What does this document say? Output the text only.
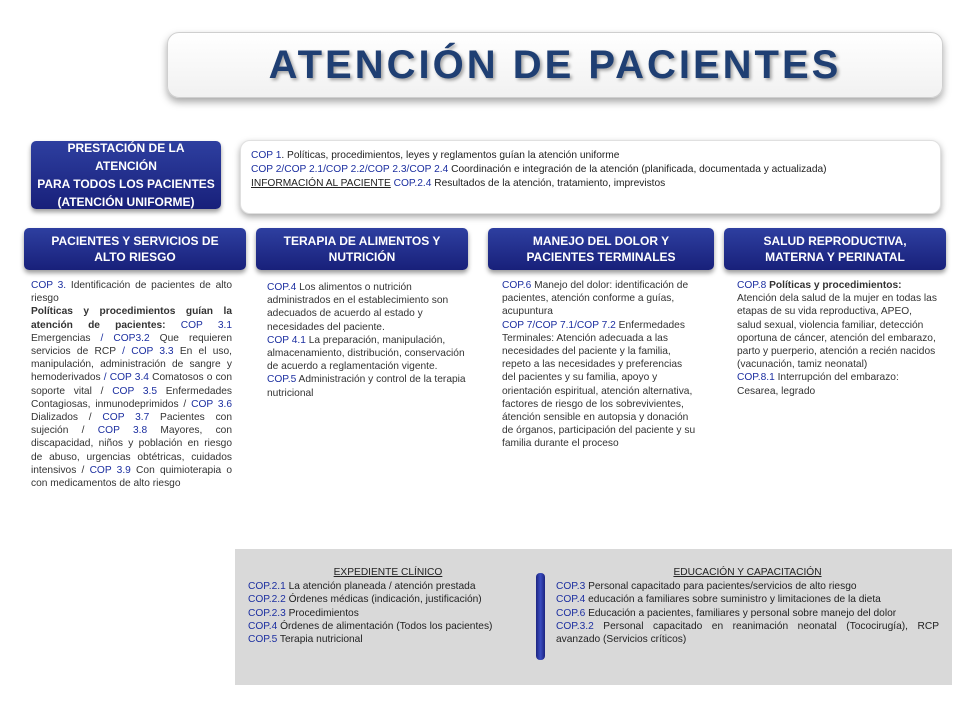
ATENCIÓN DE PACIENTES
PRESTACIÓN DE LA ATENCIÓN
PARA TODOS LOS PACIENTES
(ATENCIÓN UNIFORME)

COP 1. Políticas, procedimientos, leyes y reglamentos guían la atención uniforme

COP 2/COP 2.1/COP 2.2/COP 2.3/COP 2.4 Coordinación e integración de la atención (planificada, documentada y actualizada)

INFORMACIÓN AL PACIENTE COP.2.4 Resultados de la atención, tratamiento, imprevistos

PACIENTES Y SERVICIOS DE
ALTO RIESGO
TERAPIA DE ALIMENTOS Y
NUTRICIÓN
MANEJO DEL DOLOR Y
PACIENTES TERMINALES
SALUD REPRODUCTIVA,
MATERNA Y PERINATAL

COP 3. Identificación de pacientes de alto riesgo

Políticas y procedimientos guían la atención de pacientes: COP 3.1 Emergencias / COP3.2 Que requieren servicios de RCP / COP 3.3 En el uso, manipulación, administración de sangre y hemoderivados / COP 3.4 Comatosos o con soporte vital / COP 3.5 Enfermedades Contagiosas, inmunodeprimidos / COP 3.6 Dializados / COP 3.7 Pacientes con sujeción / COP 3.8 Mayores, con discapacidad, niños y población en riesgo de abuso, urgencias obtétricas, cuidados intensivos / COP 3.9 Con quimioterapia o con medicamentos de alto riesgo

COP.4 Los alimentos o nutrición administrados en el establecimiento son adecuados de acuerdo al estado y necesidades del paciente.

COP 4.1 La preparación, manipulación, almacenamiento, distribución, conservación de acuerdo a reglamentación vigente.

COP.5 Administración y control de la terapia nutricional

COP.6 Manejo del dolor: identificación de pacientes, atención conforme a guías, acupuntura

COP 7/COP 7.1/COP 7.2 Enfermedades Terminales: Atención adecuada a las necesidades del paciente y la familia, repeto a las necesidades y preferencias del pacientes y su familia, apoyo y orientación espiritual, atención alternativa, factores de riesgo de los sobrevivientes, átención sensible en autopsia y donación de órganos, participación del paciente y su familia durante el proceso

COP.8 Políticas y procedimientos:

Atención dela salud de la mujer en todas las etapas de su vida reproductiva, APEO, salud sexual, violencia familiar, detección oportuna de cáncer, atención del embarazo, parto y puerperio, atención a recién nacidos (vacunación, tamiz neonatal)

COP.8.1 Interrupción del embarazo: Cesarea, legrado

EXPEDIENTE CLÍNICO

COP.2.1 La atención planeada / atención prestada

COP.2.2 Órdenes médicas (indicación, justificación)

COP.2.3 Procedimientos

COP.4 Órdenes de alimentación (Todos los pacientes)

COP.5 Terapia nutricional

EDUCACIÓN Y CAPACITACIÓN

COP.3 Personal capacitado para pacientes/servicios de alto riesgo

COP.4 educación a familiares sobre suministro y limitaciones de la dieta

COP.6 Educación a pacientes, familiares y personal sobre manejo del dolor

COP.3.2 Personal capacitado en reanimación neonatal (Tococirugía), RCP avanzado (Servicios críticos)
